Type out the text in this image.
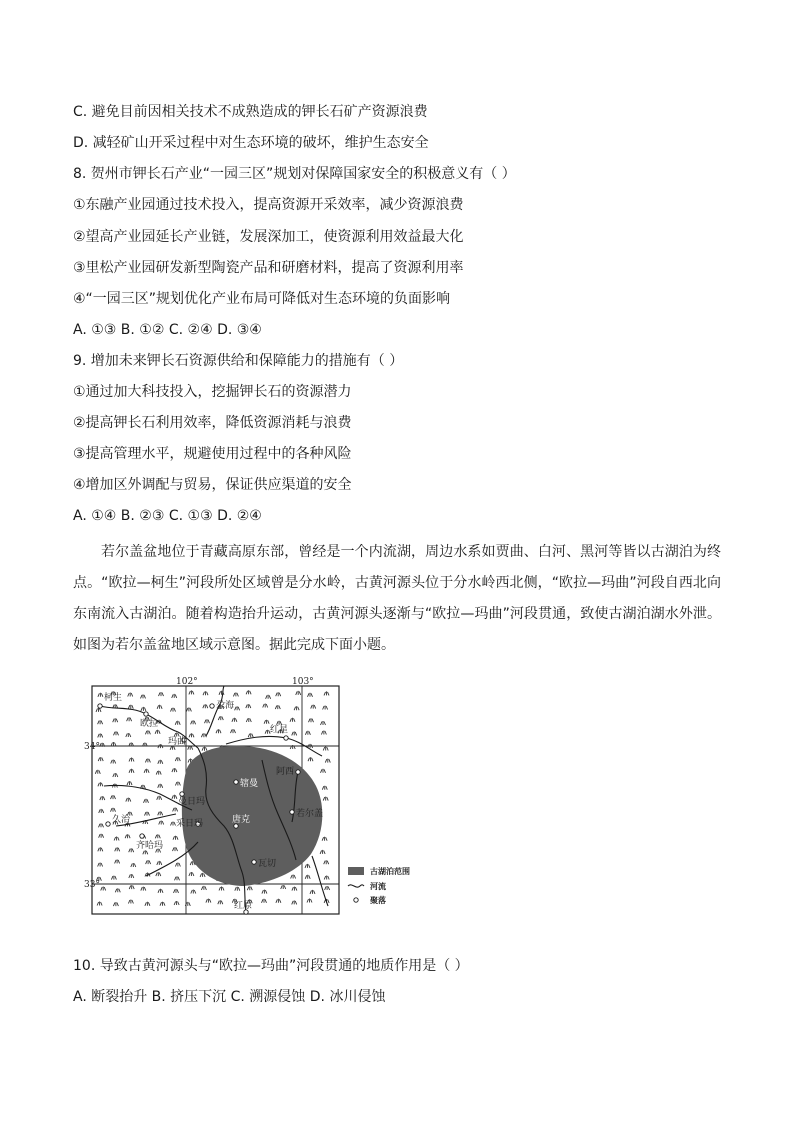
C. 避免目前因相关技术不成熟造成的钾长石矿产资源浪费
D. 减轻矿山开采过程中对生态环境的破坏，维护生态安全
8. 贺州市钾长石产业“一园三区”规划对保障国家安全的积极意义有（ ）
①东融产业园通过技术投入，提高资源开采效率，减少资源浪费
②望高产业园延长产业链，发展深加工，使资源利用效益最大化
③里松产业园研发新型陶瓷产品和研磨材料，提高了资源利用率
④“一园三区”规划优化产业布局可降低对生态环境的负面影响
A. ①③ B. ①② C. ②④ D. ③④
9. 增加未来钾长石资源供给和保障能力的措施有（ ）
①通过加大科技投入，挖掘钾长石的资源潜力
②提高钾长石利用效率，降低资源消耗与浪费
③提高管理水平，规避使用过程中的各种风险
④增加区外调配与贸易，保证供应渠道的安全
A. ①④ B. ②③ C. ①③ D. ②④
若尔盖盆地位于青藏高原东部，曾经是一个内流湖，周边水系如贾曲、白河、黑河等皆以古湖泊为终点。“欧拉—柯生”河段所处区域曾是分水岭，古黄河源头位于分水岭西北侧，“欧拉—玛曲”河段自西北向东南流入古湖泊。随着构造抬升运动，古黄河源头逐渐与“欧拉—玛曲”河段贯通，致使古湖泊湖水外泄。如图为若尔盖盆地区域示意图。据此完成下面小题。
柯生
欧拉
玛曲
尕海
红星
阿西
唐克
若尔盖
瓦切
红原
久治
齐哈玛
采日玛
曼日玛
辖曼
102°	103°
34°
33°
古湖泊范围
河流
聚落
10. 导致古黄河源头与“欧拉—玛曲”河段贯通的地质作用是（ ）
A. 断裂抬升 B. 挤压下沉 C. 溯源侵蚀 D. 冰川侵蚀
